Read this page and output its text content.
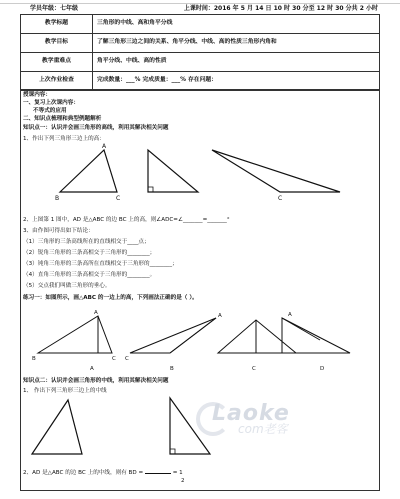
学员年级：七年级	上课时间：2016 年 5 月 14 日 10 时 30 分至 12 时 30 分共 2 小时
教学标题	三角形的中线、高和角平分线
教学目标	了解三角形三边之间的关系、角平分线、中线、高的性质三角形内角和
教学重难点	角平分线、中线、高的性质
上次作业检查	完成数量：___% 完成质量：___% 存在问题：
授课内容：
一、复习上次课内容：
不等式的应用
二、知识点梳理和典型例题解析
知识点一：认识并会画三角形的高线，利用其解决相关问题
1、作出下列三角形三边上的高：
A
B	C	C
2、上图第 1 图中，AD 是△ABC 的边 BC 上的高，则∠ADC=∠_______=_______°
3、由作图可得出如下结论：
（1）三角形的三条高线所在的直线相交于____点；
（2）锐角三角形的三条高相交于三角形的________；
（3）钝角三角形的三条高所在直线相交于三角形的________；
（4）直角三角形的三条高相交于三角形的________。
（5）交点我们叫做三角形的垂心。
练习一：如图所示，画△ABC 的一边上的高，下列画法正确的是（ ）。
A
B	C
A
A
C
B	C
A
D
知识点二：认识并会画三角形的中线，利用其解决相关问题
1、 作出下列三角形三边上的中线
Laoke
com老客
2、AD 是△ABC 的边 BC 上的中线，则有 BD =	= 1
2
